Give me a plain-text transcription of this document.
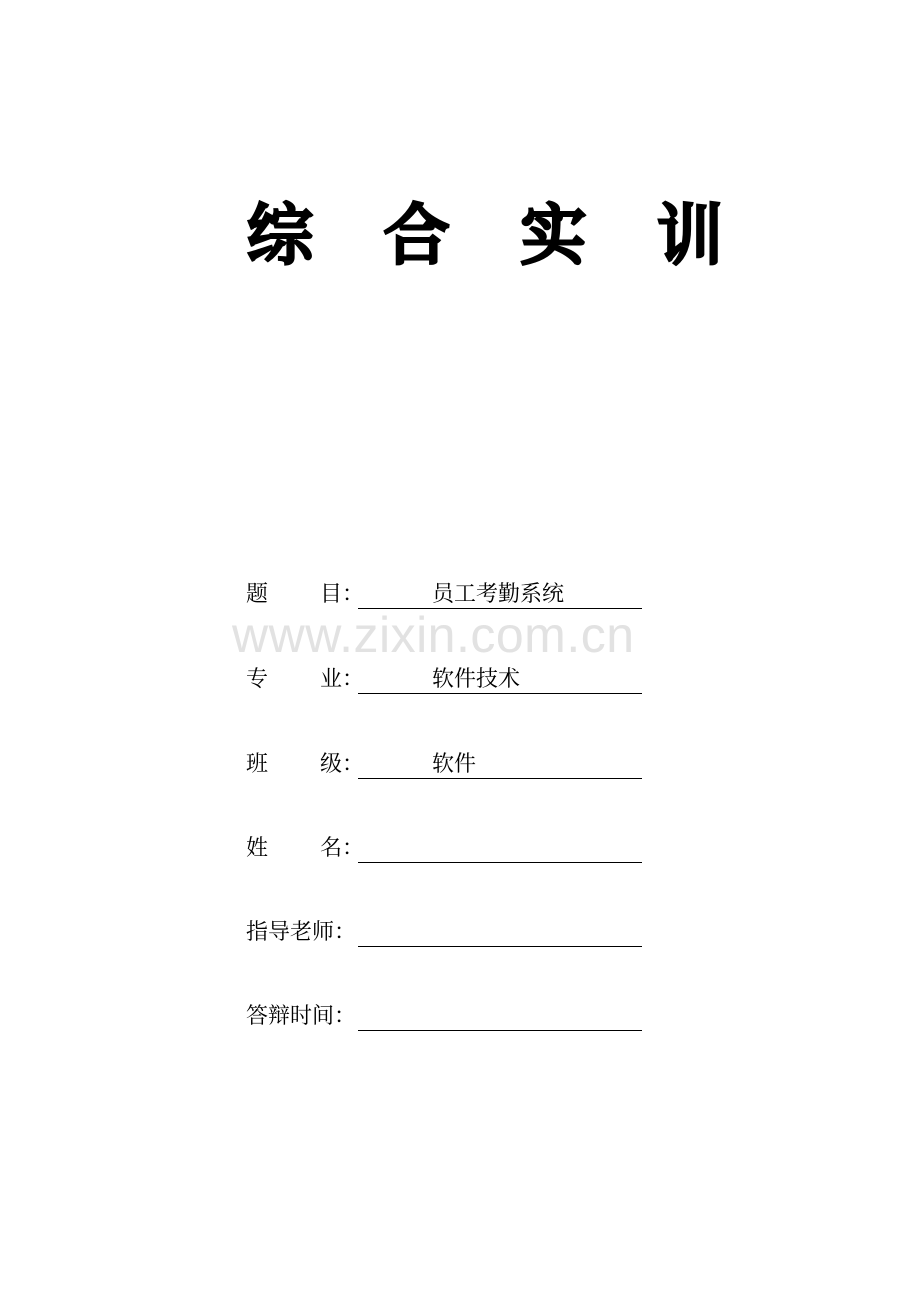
综 合 实 训
www.zixin.com.cn
题 目：	员工考勤系统
专 业：	软件技术
班 级：	软件
姓 名：
指导老师：
答辩时间：
